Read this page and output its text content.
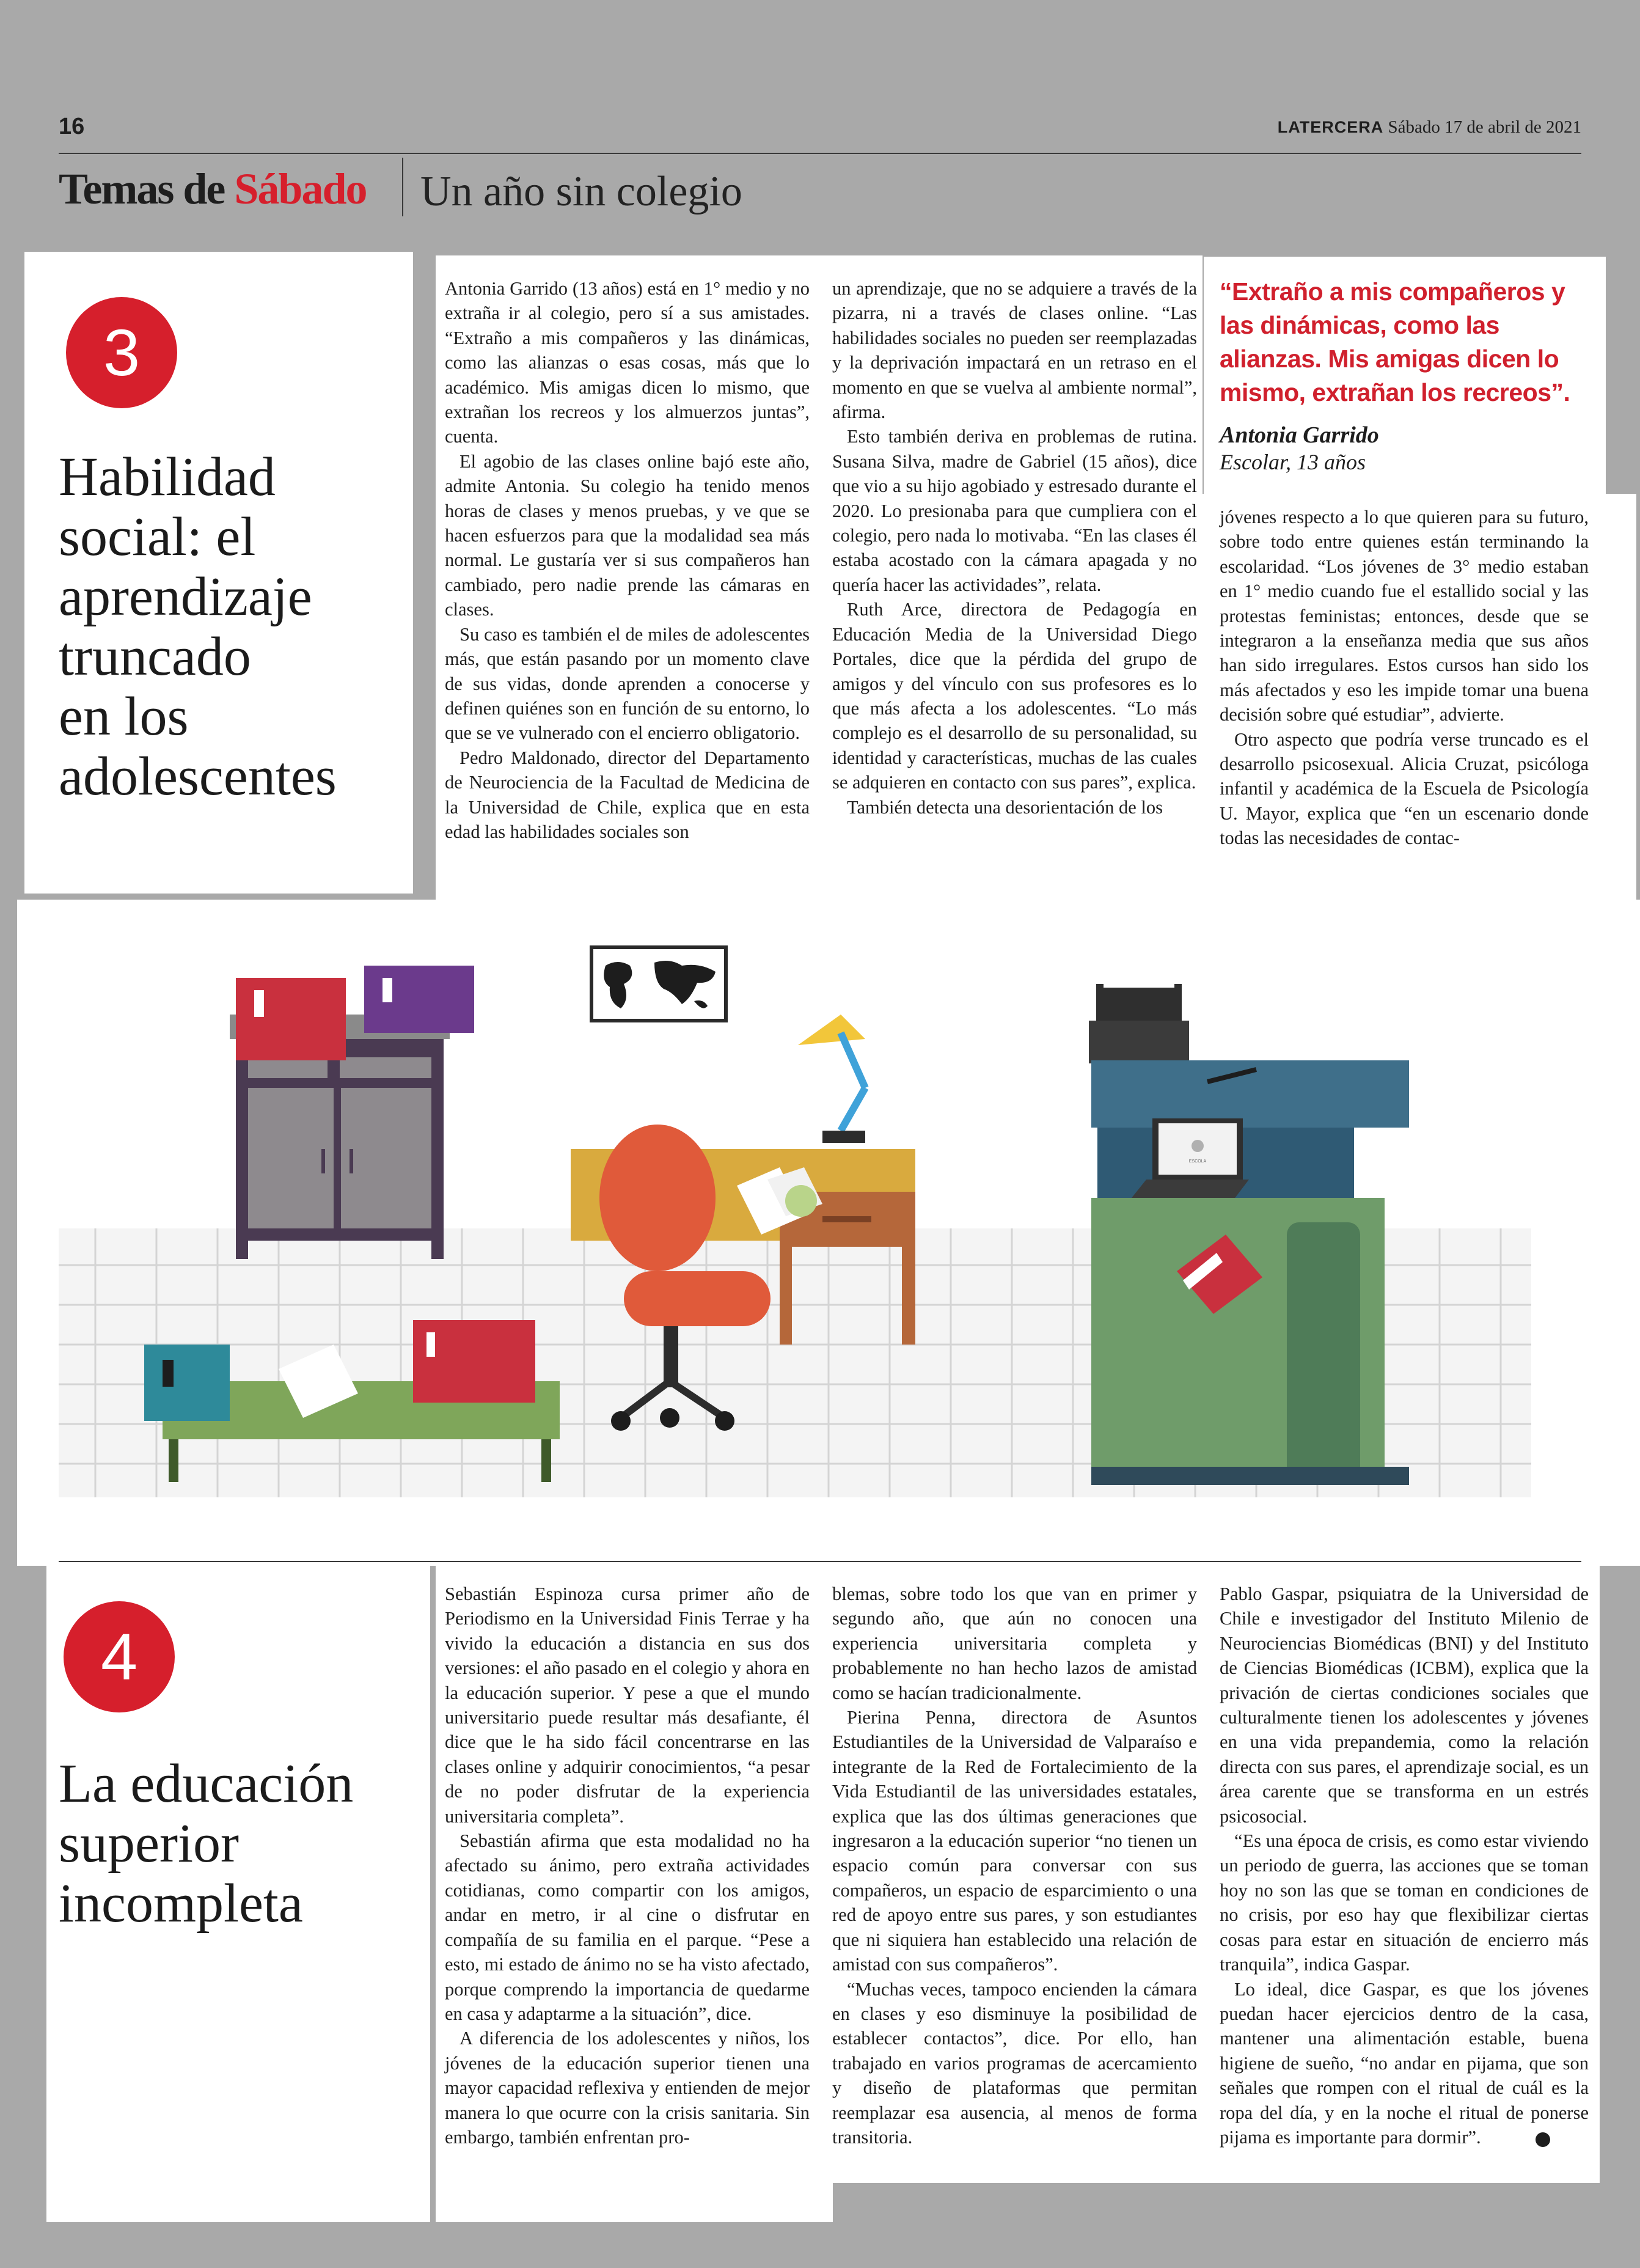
16	LATERCERA Sábado 17 de abril de 2021
Temas de Sábado Un año sin colegio
3
Habilidad
social: el
aprendizaje
truncado
en los
adolescentes

Antonia Garrido (13 años) está en 1° medio y no extraña ir al colegio, pero sí a sus amistades. “Extraño a mis compañeros y las dinámicas, como las alianzas o esas cosas, más que lo académico. Mis amigas dicen lo mismo, que extrañan los recreos y los almuerzos juntas”, cuenta.

El agobio de las clases online bajó este año, admite Antonia. Su colegio ha tenido menos horas de clases y menos pruebas, y ve que se hacen esfuerzos para que la modalidad sea más normal. Le gustaría ver si sus compañeros han cambiado, pero nadie prende las cámaras en clases.

Su caso es también el de miles de adolescentes más, que están pasando por un momento clave de sus vidas, donde aprenden a conocerse y definen quiénes son en función de su entorno, lo que se ve vulnerado con el encierro obligatorio.

Pedro Maldonado, director del Departamento de Neurociencia de la Facultad de Medicina de la Universidad de Chile, explica que en esta edad las habilidades sociales son

un aprendizaje, que no se adquiere a través de la pizarra, ni a través de clases online. “Las habilidades sociales no pueden ser reemplazadas y la deprivación impactará en un retraso en el momento en que se vuelva al ambiente normal”, afirma.

Esto también deriva en problemas de rutina. Susana Silva, madre de Gabriel (15 años), dice que vio a su hijo agobiado y estresado durante el 2020. Lo presionaba para que cumpliera con el colegio, pero nada lo motivaba. “En las clases él estaba acostado con la cámara apagada y no quería hacer las actividades”, relata.

Ruth Arce, directora de Pedagogía en Educación Media de la Universidad Diego Portales, dice que la pérdida del grupo de amigos y del vínculo con sus profesores es lo que más afecta a los adolescentes. “Lo más complejo es el desarrollo de su personalidad, su identidad y características, muchas de las cuales se adquieren en contacto con sus pares”, explica.

También detecta una desorientación de los

“Extraño a mis compañeros y las dinámicas, como las alianzas. Mis amigas dicen lo mismo, extrañan los recreos”.
Antonia Garrido
Escolar, 13 años

jóvenes respecto a lo que quieren para su futuro, sobre todo entre quienes están terminando la escolaridad. “Los jóvenes de 3° medio estaban en 1° medio cuando fue el estallido social y las protestas feministas; entonces, desde que se integraron a la enseñanza media que sus años han sido irregulares. Estos cursos han sido los más afectados y eso les impide tomar una buena decisión sobre qué estudiar”, advierte.

Otro aspecto que podría verse truncado es el desarrollo psicosexual. Alicia Cruzat, psicóloga infantil y académica de la Escuela de Psicología U. Mayor, explica que “en un escenario donde todas las necesidades de contac-

ESCOLA
4
La educación
superior
incompleta

Sebastián Espinoza cursa primer año de Periodismo en la Universidad Finis Terrae y ha vivido la educación a distancia en sus dos versiones: el año pasado en el colegio y ahora en la educación superior. Y pese a que el mundo universitario puede resultar más desafiante, él dice que le ha sido fácil concentrarse en las clases online y adquirir conocimientos, “a pesar de no poder disfrutar de la experiencia universitaria completa”.

Sebastián afirma que esta modalidad no ha afectado su ánimo, pero extraña actividades cotidianas, como compartir con los amigos, andar en metro, ir al cine o disfrutar en compañía de su familia en el parque. “Pese a esto, mi estado de ánimo no se ha visto afectado, porque comprendo la importancia de quedarme en casa y adaptarme a la situación”, dice.

A diferencia de los adolescentes y niños, los jóvenes de la educación superior tienen una mayor capacidad reflexiva y entienden de mejor manera lo que ocurre con la crisis sanitaria. Sin embargo, también enfrentan pro-

blemas, sobre todo los que van en primer y segundo año, que aún no conocen una experiencia universitaria completa y probablemente no han hecho lazos de amistad como se hacían tradicionalmente.

Pierina Penna, directora de Asuntos Estudiantiles de la Universidad de Valparaíso e integrante de la Red de Fortalecimiento de la Vida Estudiantil de las universidades estatales, explica que las dos últimas generaciones que ingresaron a la educación superior “no tienen un espacio común para conversar con sus compañeros, un espacio de esparcimiento o una red de apoyo entre sus pares, y son estudiantes que ni siquiera han establecido una relación de amistad con sus compañeros”.

“Muchas veces, tampoco encienden la cámara en clases y eso disminuye la posibilidad de establecer contactos”, dice. Por ello, han trabajado en varios programas de acercamiento y diseño de plataformas que permitan reemplazar esa ausencia, al menos de forma transitoria.

Pablo Gaspar, psiquiatra de la Universidad de Chile e investigador del Instituto Milenio de Neurociencias Biomédicas (BNI) y del Instituto de Ciencias Biomédicas (ICBM), explica que la privación de ciertas condiciones sociales que culturalmente tienen los adolescentes y jóvenes en una vida prepandemia, como la relación directa con sus pares, el aprendizaje social, es un área carente que se transforma en un estrés psicosocial.

“Es una época de crisis, es como estar viviendo un periodo de guerra, las acciones que se toman hoy no son las que se toman en condiciones de no crisis, por eso hay que flexibilizar ciertas cosas para estar en situación de encierro más tranquila”, indica Gaspar.

Lo ideal, dice Gaspar, es que los jóvenes puedan hacer ejercicios dentro de la casa, mantener una alimentación estable, buena higiene de sueño, “no andar en pijama, que son señales que rompen con el ritual de cuál es la ropa del día, y en la noche el ritual de ponerse pijama es importante para dormir”.
